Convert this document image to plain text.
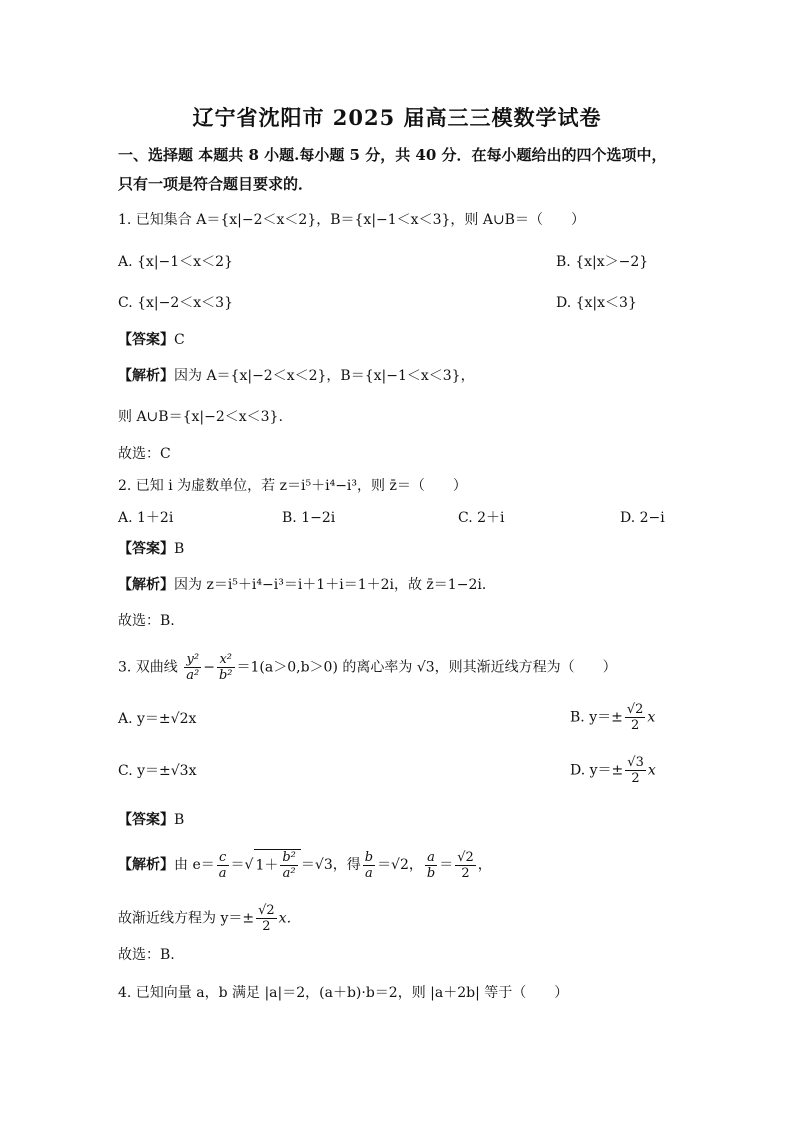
辽宁省沈阳市 2025 届高三三模数学试卷
一、选择题 本题共 8 小题.每小题 5 分，共 40 分．在每小题给出的四个选项中，
只有一项是符合题目要求的．
1. 已知集合 A＝{x|−2＜x＜2}，B＝{x|−1＜x＜3}，则 A∪B＝（　　）
A. {x|−1＜x＜2}	B. {x|x＞−2}
C. {x|−2＜x＜3}	D. {x|x＜3}
【答案】C
【解析】因为 A＝{x|−2＜x＜2}，B＝{x|−1＜x＜3}，
则 A∪B＝{x|−2＜x＜3}.
故选：C
2. 已知 i 为虚数单位，若 z＝i⁵＋i⁴−i³，则 z̄＝（　　）
A. 1＋2i	B. 1−2i	C. 2＋i	D. 2−i
【答案】B
【解析】因为 z＝i⁵＋i⁴−i³＝i＋1＋i＝1＋2i，故 z̄＝1−2i．
故选：B.
3. 双曲线 $\frac{\text{y²}}{\text{a²}} - \frac{\text{x²}}{\text{b²}} =1(a>0,b>0)$ 的离心率为 √3，则其渐近线方程为（　　）
A. y＝±√2x	B. $y=\pm \frac{√2}{2}$ x
C. y＝±√3x	D. $y=\pm \frac{√3}{2}$ x
【答案】B
【解析】由 $e= \frac{c}{a}$ ＝√ $1+ \frac{\text{b²}}{\text{a²}} =√3$，得 $\frac{b}{a} =√2$， $\frac{a}{b} = \frac{√2}{2}$ ，
故渐近线方程为 $y=\pm \frac{√2}{2}$ x．
故选：B.
4. 已知向量 a，b 满足 |a|＝2，(a＋b)·b＝2，则 |a＋2b| 等于（　　）
